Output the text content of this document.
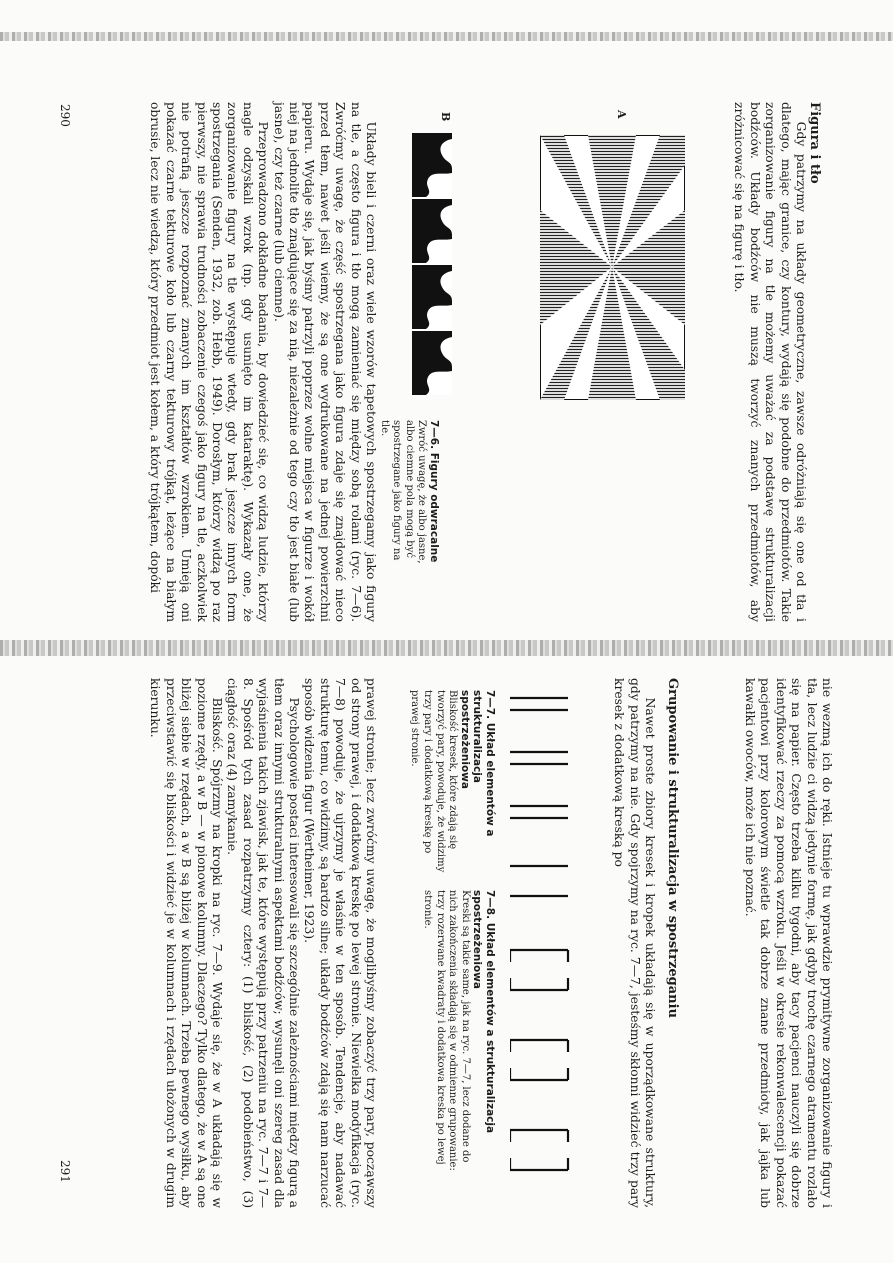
Figura i tło

Gdy patrzymy na układy geometryczne, zawsze odróżniają się one od tła i dlatego, mając granice, czy kontury, wydają się podobne do przedmiotów. Takie zorganizowanie figury na tle możemy uważać za podstawę strukturalizacji bodźców. Układy bodźców nie muszą tworzyć znanych przedmiotów, aby zróżnicować się na figurę i tło.

A
B
7—6. Figury odwracalne
Zwróć uwagę, że albo jasne, albo ciemne pola mogą być spostrzegane jako figury na tle.

Układy bieli i czerni oraz wiele wzorów tapetowych spostrzegamy jako figury na tle, a często figura i tło mogą zamieniać się między sobą rolami (ryc. 7—6). Zwróćmy uwagę, że część spostrzegana jako figura zdaje się znajdować nieco przed tłem, nawet jeśli wiemy, że są one wydrukowane na jednej powierzchni papieru. Wydaje się, jak byśmy patrzyli poprzez wolne miejsca w figurze i wokół niej na jednolite tło znajdujące się za nią, niezależnie od tego czy tło jest białe (lub jasne), czy też czarne (lub ciemne).

Przeprowadzono dokładne badania, by dowiedzieć się, co widzą ludzie, którzy nagle odzyskali wzrok (np. gdy usunięto im kataraktę). Wykazały one, że zorganizowanie figury na tle występuje wtedy, gdy brak jeszcze innych form spostrzegania (Senden, 1932, zob. Hebb, 1949). Dorosłym, którzy widzą po raz pierwszy, nie sprawia trudności zobaczenie czegoś jako figury na tle, aczkolwiek nie potrafią jeszcze rozpoznać znanych im kształtów wzrokiem. Umieją oni pokazać czarne tekturowe koło lub czarny tekturowy trójkąt, leżące na białym obrusie, lecz nie wiedzą, który przedmiot jest kołem, a który trójkątem, dopóki

290

nie wezmą ich do ręki. Istnieje tu wprawdzie prymitywne zorganizowanie figury i tła, lecz ludzie ci widzą jedynie formę, jak gdyby trochę czarnego atramentu rozlało się na papier. Często trzeba kilku tygodni, aby tacy pacjenci nauczyli się dobrze identyfikować rzeczy za pomocą wzroku. Jeśli w okresie rekonwalescencji pokazać pacjentowi przy kolorowym świetle tak dobrze znane przedmioty, jak jajka lub kawałki owoców, może ich nie poznać.

Grupowanie i strukturalizacja w spostrzeganiu

Nawet proste zbiory kresek i kropek układają się w uporządkowane struktury, gdy patrzymy na nie. Gdy spojrzymy na ryc. 7—7, jesteśmy skłonni widzieć trzy pary kresek z dodatkową kreską po

7—7. Układ elementów a strukturalizacja spostrzeżeniowa
Bliskość kresek, które zdają się tworzyć pary, powoduje, że widzimy trzy pary i dodatkową kreskę po prawej stronie.
7—8. Układ elementów a strukturalizacja spostrzeżeniowa
Kreski są takie same, jak na ryc. 7—7, lecz dodane do nich zakończenia składają się w odmienne grupowanie: trzy rozerwane kwadraty i dodatkowa kreska po lewej stronie.

prawej stronie; lecz zwróćmy uwagę, że moglibyśmy zobaczyć trzy pary, począwszy od strony prawej, i dodatkową kreskę po lewej stronie. Niewielka modyfikacja (ryc. 7—8) powoduje, że ujrzymy je właśnie w ten sposób. Tendencje, aby nadawać strukturę temu, co widzimy, są bardzo silne; układy bodźców zdają się nam narzucać sposób widzenia figur (Wertheimer, 1923).

Psychologowie postaci interesowali się szczególnie zależnościami między figurą a tłem oraz innymi strukturalnymi aspektami bodźców; wysunęli oni szereg zasad dla wyjaśnienia takich zjawisk, jak te, które występują przy patrzeniu na ryc. 7—7 i 7—8. Spośród tych zasad rozpatrzymy cztery: (1) bliskość, (2) podobieństwo, (3) ciągłość oraz (4) zamykanie.

Bliskość. Spójrzmy na kropki na ryc. 7—9. Wydaje się, że w A układają się w poziome rzędy, a w B — w pionowe kolumny. Dlaczego? Tylko dlatego, że w A są one bliżej siebie w rzędach, a w B są bliżej w kolumnach. Trzeba pewnego wysiłku, aby przeciwstawić się bliskości i widzieć je w kolumnach i rzędach ułożonych w drugim kierunku.

291
